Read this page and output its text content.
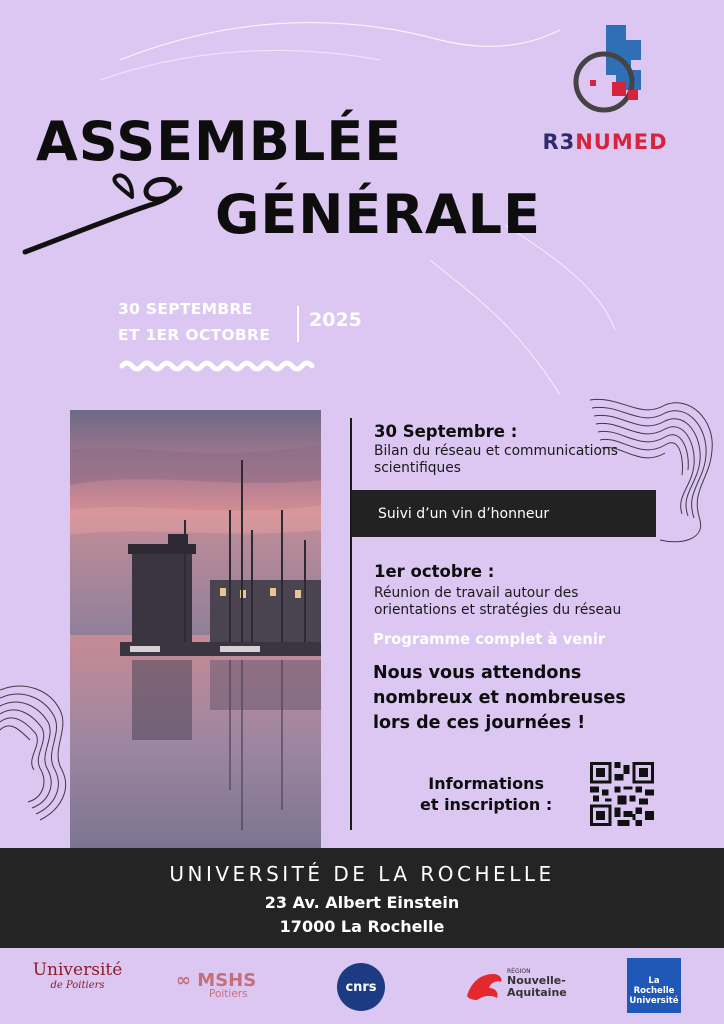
R3NUMED
ASSEMBLÉE
GÉNÉRALE
30 SEPTEMBRE
ET 1ER OCTOBRE
2025
30 Septembre :
Bilan du réseau et communications
scientifiques
Suivi d’un vin d’honneur
1er octobre :
Réunion de travail autour des
orientations et stratégies du réseau
Programme complet à venir
Nous vous attendons
nombreux et nombreuses
lors de ces journées !
Informations
et inscription :
UNIVERSITÉ DE LA ROCHELLE
23 Av. Albert Einstein
17000 La Rochelle
Université
de Poitiers	∞ MSHS
Poitiers	cnrs
RÉGION
Nouvelle-
Aquitaine
La Rochelle
Université
